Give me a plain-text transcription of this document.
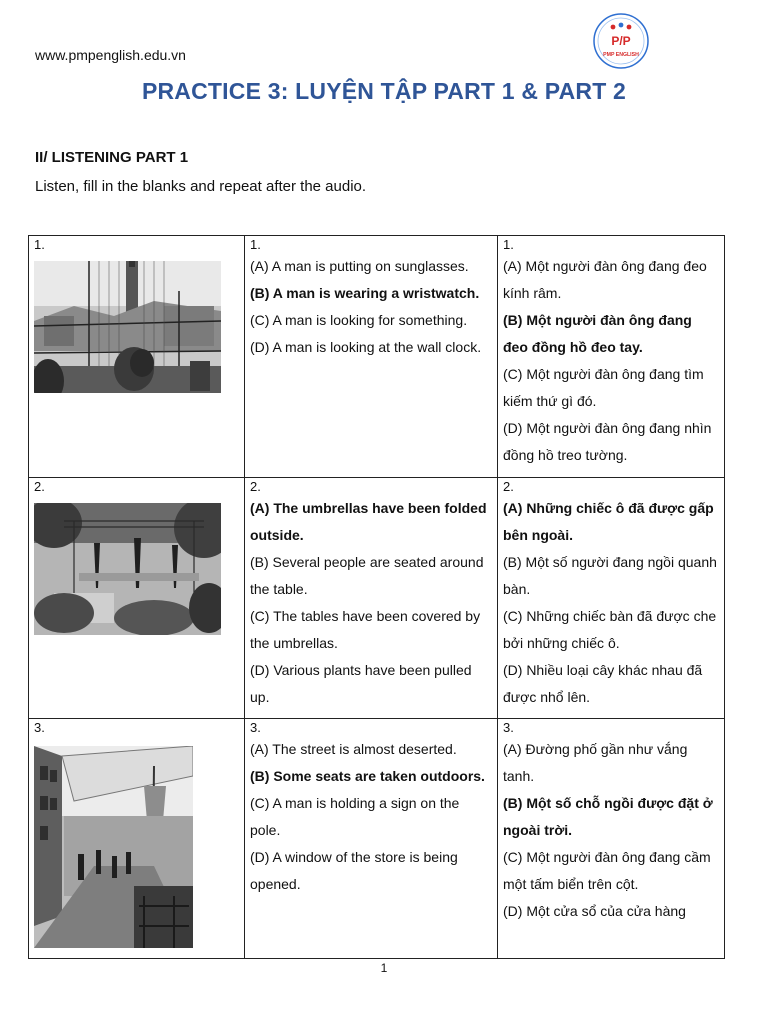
www.pmpenglish.edu.vn
P/P
PMP ENGLISH
PRACTICE 3: LUYỆN TẬP PART 1 & PART 2
II/ LISTENING PART 1
Listen, fill in the blanks and repeat after the audio.
1.	1.
(A) A man is putting on sunglasses.
(B) A man is wearing a wristwatch.
(C) A man is looking for something.
(D) A man is looking at the wall clock.	1.
(A) Một người đàn ông đang đeo kính râm.
(B) Một người đàn ông đang đeo đồng hồ đeo tay.
(C) Một người đàn ông đang tìm kiếm thứ gì đó.
(D) Một người đàn ông đang nhìn đồng hồ treo tường.

2.	2.
(A) The umbrellas have been folded outside.
(B) Several people are seated around the table.
(C) The tables have been covered by the umbrellas.
(D) Various plants have been pulled up.	2.
(A) Những chiếc ô đã được gấp bên ngoài.
(B) Một số người đang ngồi quanh bàn.
(C) Những chiếc bàn đã được che bởi những chiếc ô.
(D) Nhiều loại cây khác nhau đã được nhổ lên.

3.	3.
(A) The street is almost deserted.
(B) Some seats are taken outdoors.
(C) A man is holding a sign on the pole.
(D) A window of the store is being opened.	3.
(A) Đường phố gần như vắng tanh.
(B) Một số chỗ ngồi được đặt ở ngoài trời.
(C) Một người đàn ông đang cầm một tấm biển trên cột.
(D) Một cửa sổ của cửa hàng
1
